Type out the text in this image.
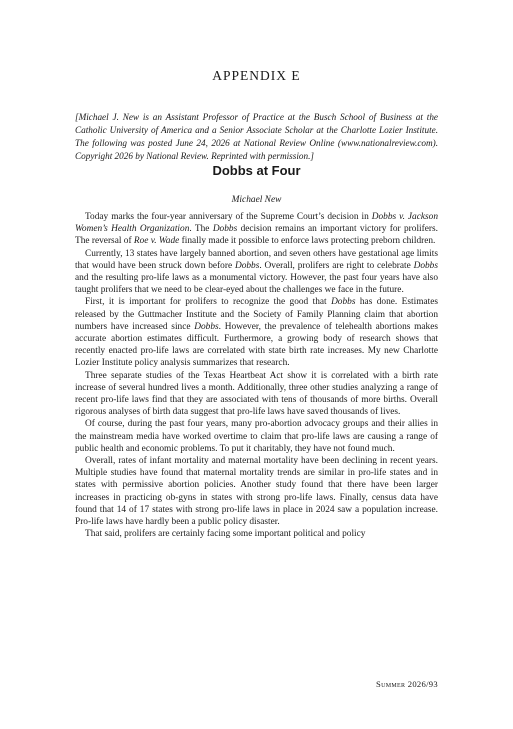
APPENDIX E
[Michael J. New is an Assistant Professor of Practice at the Busch School of Business at the Catholic University of America and a Senior Associate Scholar at the Charlotte Lozier Institute. The following was posted June 24, 2026 at National Review Online (www.nationalreview.com). Copyright 2026 by National Review. Reprinted with permission.]
Dobbs at Four
Michael New

Today marks the four-year anniversary of the Supreme Court’s decision in Dobbs v. Jackson Women’s Health Organization. The Dobbs decision remains an important victory for prolifers. The reversal of Roe v. Wade finally made it possible to enforce laws protecting preborn children.

Currently, 13 states have largely banned abortion, and seven others have gestational age limits that would have been struck down before Dobbs. Overall, prolifers are right to celebrate Dobbs and the resulting pro-life laws as a monumental victory. However, the past four years have also taught prolifers that we need to be clear-eyed about the challenges we face in the future.

First, it is important for prolifers to recognize the good that Dobbs has done. Estimates released by the Guttmacher Institute and the Society of Family Planning claim that abortion numbers have increased since Dobbs. However, the prevalence of telehealth abortions makes accurate abortion estimates difficult. Furthermore, a growing body of research shows that recently enacted pro-life laws are correlated with state birth rate increases. My new Charlotte Lozier Institute policy analysis summarizes that research.

Three separate studies of the Texas Heartbeat Act show it is correlated with a birth rate increase of several hundred lives a month. Additionally, three other studies analyzing a range of recent pro-life laws find that they are associated with tens of thousands of more births. Overall rigorous analyses of birth data suggest that pro-life laws have saved thousands of lives.

Of course, during the past four years, many pro-abortion advocacy groups and their allies in the mainstream media have worked overtime to claim that pro-life laws are causing a range of public health and economic problems. To put it charitably, they have not found much.

Overall, rates of infant mortality and maternal mortality have been declining in recent years. Multiple studies have found that maternal mortality trends are similar in pro-life states and in states with permissive abortion policies. Another study found that there have been larger increases in practicing ob-gyns in states with strong pro-life laws. Finally, census data have found that 14 of 17 states with strong pro-life laws in place in 2024 saw a population increase. Pro-life laws have hardly been a public policy disaster.

That said, prolifers are certainly facing some important political and policy

Summer 2026/93
